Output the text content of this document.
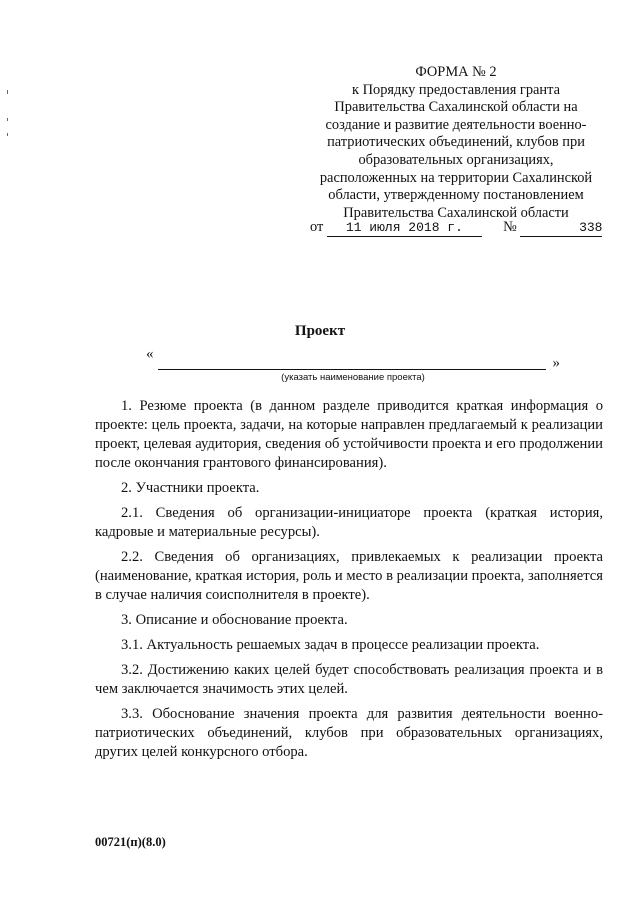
ФОРМА № 2
к Порядку предоставления гранта
Правительства Сахалинской области на
создание и развитие деятельности военно-
патриотических объединений, клубов при
образовательных организациях,
расположенных на территории Сахалинской
области, утвержденному постановлением
Правительства Сахалинской области
от 11 июля 2018 г.	№	338
Проект
«
»
(указать наименование проекта)

1. Резюме проекта (в данном разделе приводится краткая информация о проекте: цель проекта, задачи, на которые направлен предлагаемый к реализации проект, целевая аудитория, сведения об устойчивости проекта и его продолжении после окончания грантового финансирования).

2. Участники проекта.

2.1. Сведения об организации-инициаторе проекта (краткая история, кадровые и материальные ресурсы).

2.2. Сведения об организациях, привлекаемых к реализации проекта (наименование, краткая история, роль и место в реализации проекта, заполняется в случае наличия соисполнителя в проекте).

3. Описание и обоснование проекта.

3.1. Актуальность решаемых задач в процессе реализации проекта.

3.2. Достижению каких целей будет способствовать реализация проекта и в чем заключается значимость этих целей.

3.3. Обоснование значения проекта для развития деятельности военно-патриотических объединений, клубов при образовательных организациях, других целей конкурсного отбора.

00721(п)(8.0)
